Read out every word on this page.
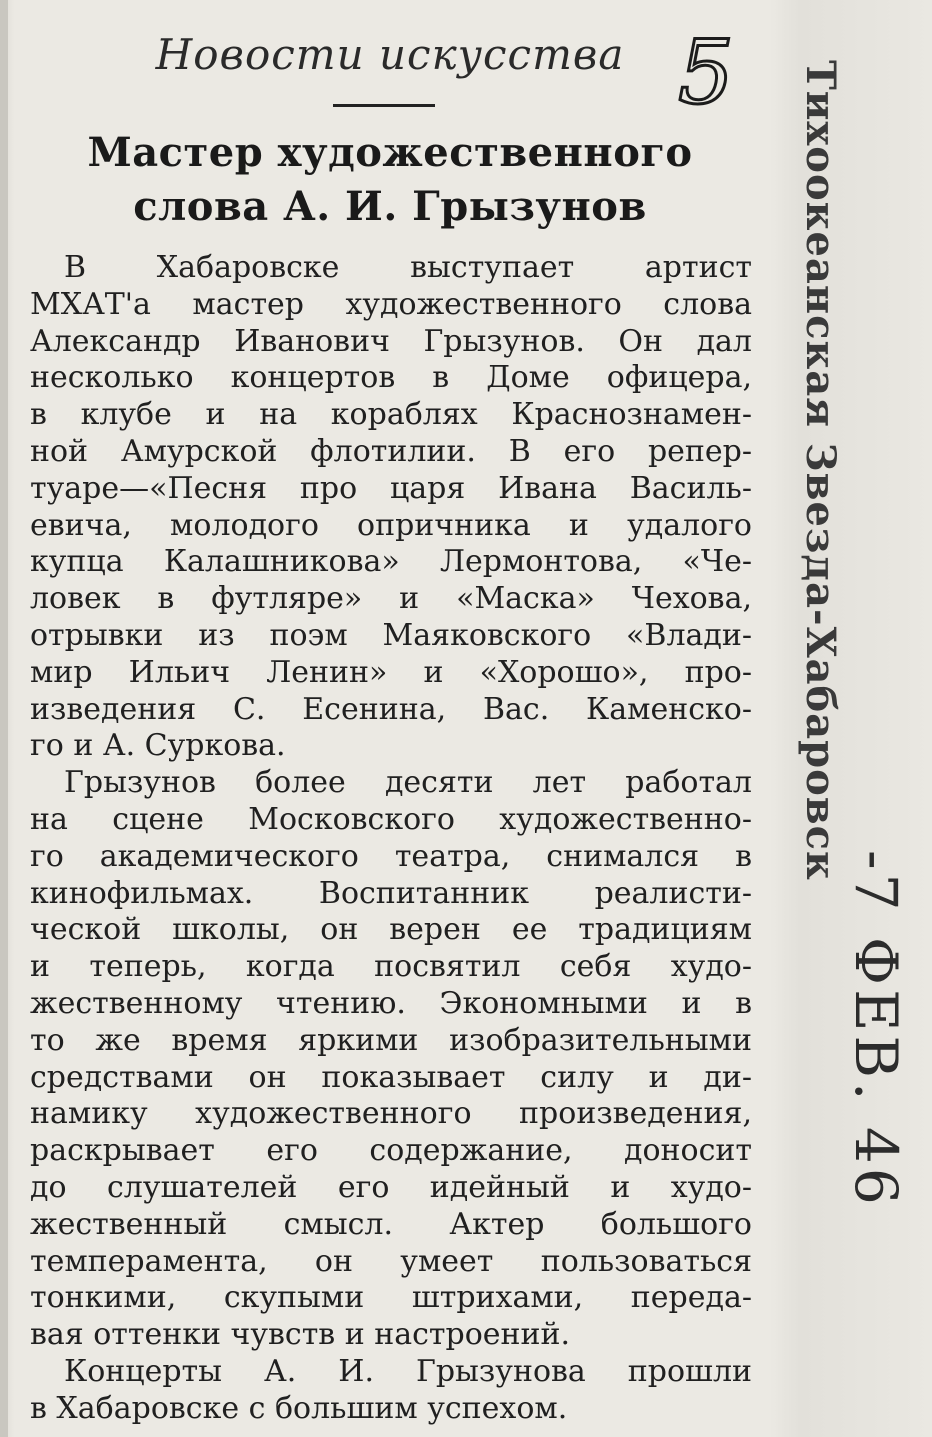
Новости искусства 5
Мастер художественного
слова А. И. Грызунов
В Хабаровске выступает артист
МХАТ'а мастер художественного слова
Александр Иванович Грызунов. Он дал
несколько концертов в Доме офицера,
в клубе и на кораблях Краснознамен-
ной Амурской флотилии. В его репер-
туаре—«Песня про царя Ивана Василь-
евича, молодого опричника и удалого
купца Калашникова» Лермонтова, «Че-
ловек в футляре» и «Маска» Чехова,
отрывки из поэм Маяковского «Влади-
мир Ильич Ленин» и «Хорошо», про-
изведения С. Есенина, Вас. Каменско-
го и А. Суркова.
Грызунов более десяти лет работал
на сцене Московского художественно-
го академического театра, снимался в
кинофильмах. Воспитанник реалисти-
ческой школы, он верен ее традициям
и теперь, когда посвятил себя худо-
жественному чтению. Экономными и в
то же время яркими изобразительными
средствами он показывает силу и ди-
намику художественного произведения,
раскрывает его содержание, доносит
до слушателей его идейный и худо-
жественный смысл. Актер большого
темперамента, он умеет пользоваться
тонкими, скупыми штрихами, переда-
вая оттенки чувств и настроений.
Концерты А. И. Грызунова прошли
в Хабаровске с большим успехом.
Тихоокеанская Звезда-Хабаровск
-7 ФЕВ. 46
